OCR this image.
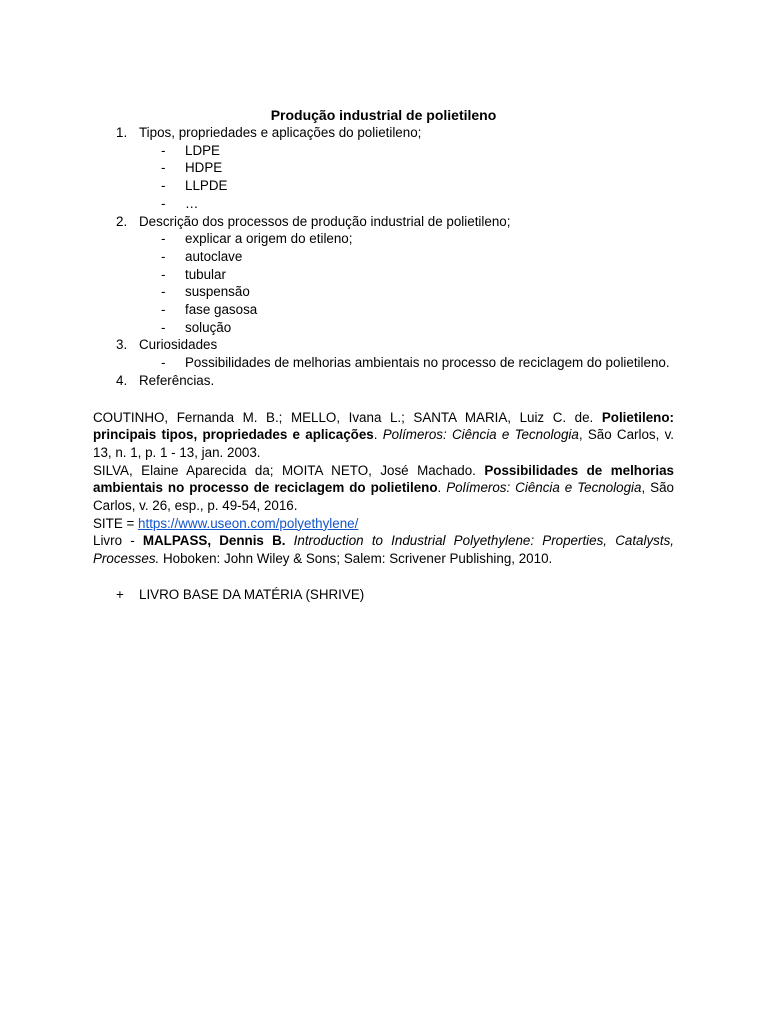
Produção industrial de polietileno
1. Tipos, propriedades e aplicações do polietileno;
- LDPE
- HDPE
- LLPDE
- …
2. Descrição dos processos de produção industrial de polietileno;
- explicar a origem do etileno;
- autoclave
- tubular
- suspensão
- fase gasosa
- solução
3. Curiosidades
- Possibilidades de melhorias ambientais no processo de reciclagem do polietileno.
4. Referências.
COUTINHO, Fernanda M. B.; MELLO, Ivana L.; SANTA MARIA, Luiz C. de. Polietileno: principais tipos, propriedades e aplicações. Polímeros: Ciência e Tecnologia, São Carlos, v. 13, n. 1, p. 1 - 13, jan. 2003.
SILVA, Elaine Aparecida da; MOITA NETO, José Machado. Possibilidades de melhorias ambientais no processo de reciclagem do polietileno. Polímeros: Ciência e Tecnologia, São Carlos, v. 26, esp., p. 49-54, 2016.
SITE = https://www.useon.com/polyethylene/
Livro - MALPASS, Dennis B. Introduction to Industrial Polyethylene: Properties, Catalysts, Processes. Hoboken: John Wiley & Sons; Salem: Scrivener Publishing, 2010.
+ LIVRO BASE DA MATÉRIA (SHRIVE)
